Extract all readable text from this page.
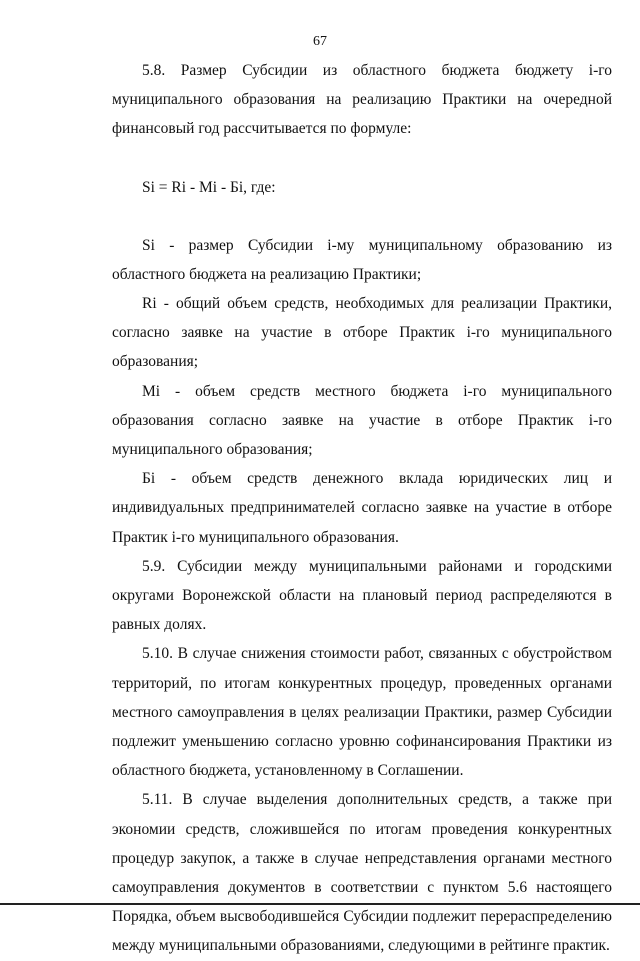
67

5.8. Размер Субсидии из областного бюджета бюджету i-го муниципального образования на реализацию Практики на очередной финансовый год рассчитывается по формуле:

Si = Ri - Mi - Бi, где:

Si - размер Субсидии i-му муниципальному образованию из областного бюджета на реализацию Практики;

Ri - общий объем средств, необходимых для реализации Практики, согласно заявке на участие в отборе Практик i-го муниципального образования;

Mi - объем средств местного бюджета i-го муниципального образования согласно заявке на участие в отборе Практик i-го муниципального образования;

Бi - объем средств денежного вклада юридических лиц и индивидуальных предпринимателей согласно заявке на участие в отборе Практик i-го муниципального образования.

5.9. Субсидии между муниципальными районами и городскими округами Воронежской области на плановый период распределяются в равных долях.

5.10. В случае снижения стоимости работ, связанных с обустройством территорий, по итогам конкурентных процедур, проведенных органами местного самоуправления в целях реализации Практики, размер Субсидии подлежит уменьшению согласно уровню софинансирования Практики из областного бюджета, установленному в Соглашении.

5.11. В случае выделения дополнительных средств, а также при экономии средств, сложившейся по итогам проведения конкурентных процедур закупок, а также в случае непредставления органами местного самоуправления документов в соответствии с пунктом 5.6 настоящего Порядка, объем высвободившейся Субсидии подлежит перераспределению между муниципальными образованиями, следующими в рейтинге практик.
